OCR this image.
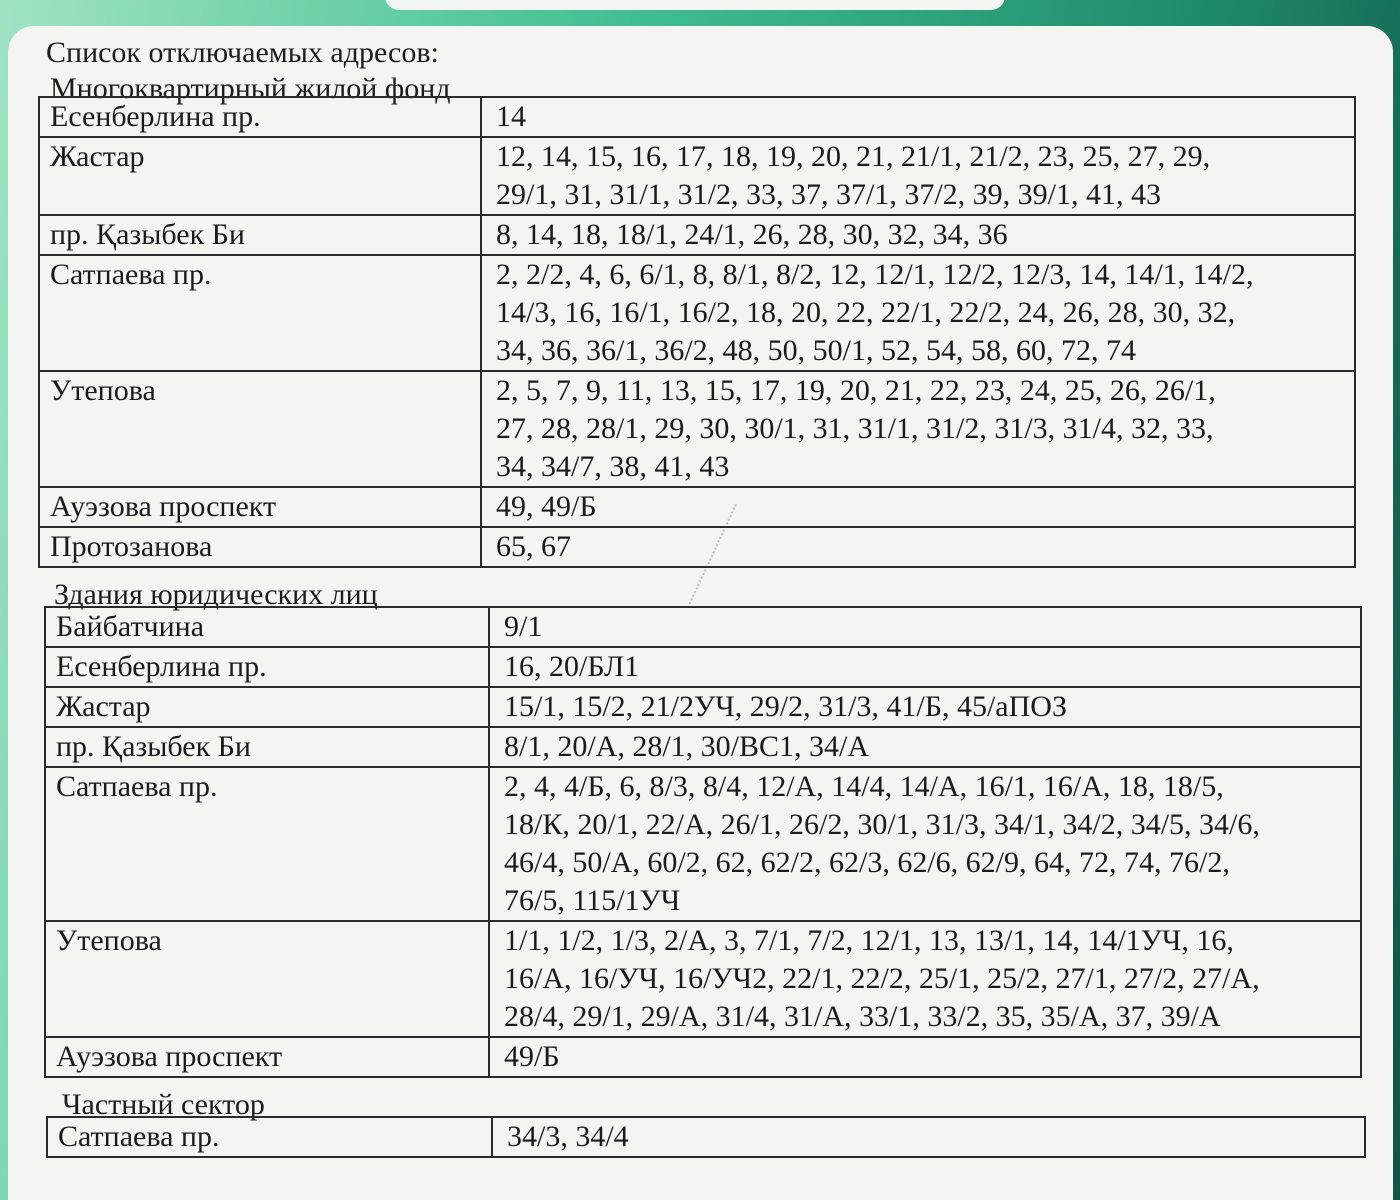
Список отключаемых адресов:
Многоквартирный жилой фонд
Есенберлина пр.	14
Жастар	12, 14, 15, 16, 17, 18, 19, 20, 21, 21/1, 21/2, 23, 25, 27, 29,
29/1, 31, 31/1, 31/2, 33, 37, 37/1, 37/2, 39, 39/1, 41, 43
пр. Қазыбек Би	8, 14, 18, 18/1, 24/1, 26, 28, 30, 32, 34, 36
Сатпаева пр.	2, 2/2, 4, 6, 6/1, 8, 8/1, 8/2, 12, 12/1, 12/2, 12/3, 14, 14/1, 14/2,
14/3, 16, 16/1, 16/2, 18, 20, 22, 22/1, 22/2, 24, 26, 28, 30, 32,
34, 36, 36/1, 36/2, 48, 50, 50/1, 52, 54, 58, 60, 72, 74
Утепова	2, 5, 7, 9, 11, 13, 15, 17, 19, 20, 21, 22, 23, 24, 25, 26, 26/1,
27, 28, 28/1, 29, 30, 30/1, 31, 31/1, 31/2, 31/3, 31/4, 32, 33,
34, 34/7, 38, 41, 43
Ауэзова проспект	49, 49/Б
Протозанова	65, 67
Здания юридических лиц
Байбатчина	9/1
Есенберлина пр.	16, 20/БЛ1
Жастар	15/1, 15/2, 21/2УЧ, 29/2, 31/3, 41/Б, 45/аПОЗ
пр. Қазыбек Би	8/1, 20/А, 28/1, 30/ВС1, 34/А
Сатпаева пр.	2, 4, 4/Б, 6, 8/3, 8/4, 12/А, 14/4, 14/А, 16/1, 16/А, 18, 18/5,
18/К, 20/1, 22/А, 26/1, 26/2, 30/1, 31/3, 34/1, 34/2, 34/5, 34/6,
46/4, 50/А, 60/2, 62, 62/2, 62/3, 62/6, 62/9, 64, 72, 74, 76/2,
76/5, 115/1УЧ
Утепова	1/1, 1/2, 1/3, 2/А, 3, 7/1, 7/2, 12/1, 13, 13/1, 14, 14/1УЧ, 16,
16/А, 16/УЧ, 16/УЧ2, 22/1, 22/2, 25/1, 25/2, 27/1, 27/2, 27/А,
28/4, 29/1, 29/А, 31/4, 31/А, 33/1, 33/2, 35, 35/А, 37, 39/А
Ауэзова проспект	49/Б
Частный сектор
Сатпаева пр.	34/3, 34/4
